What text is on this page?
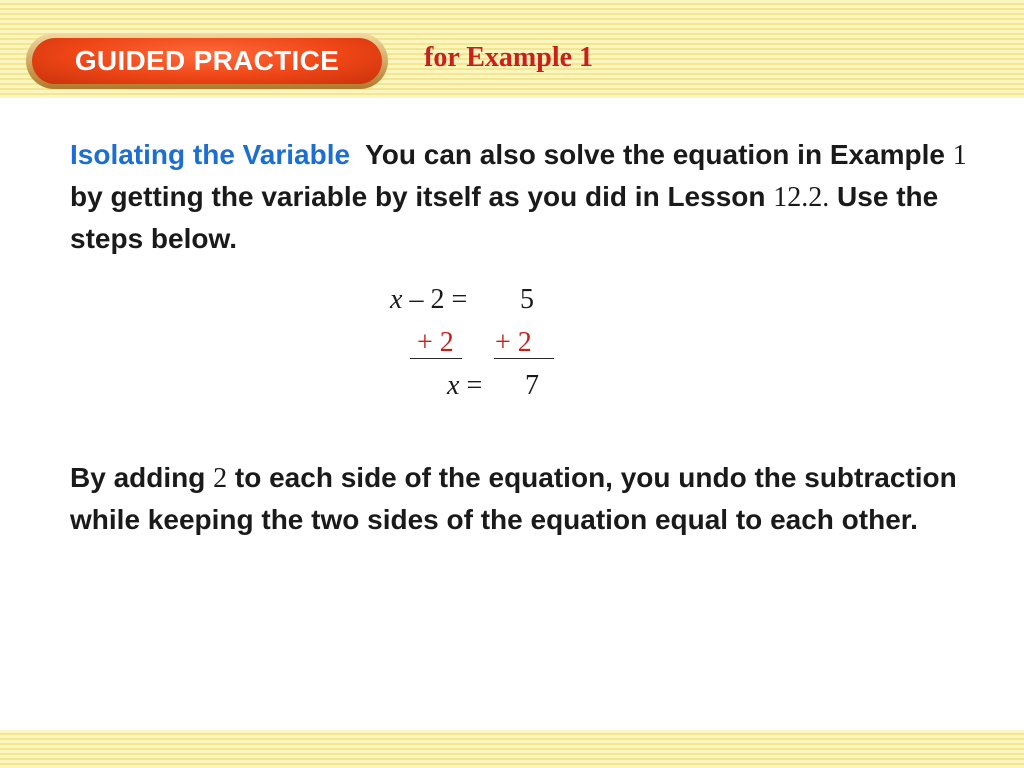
GUIDED PRACTICE	for Example 1
Isolating the Variable You can also solve the equation in Example 1 by getting the variable by itself as you did in Lesson 12.2. Use the steps below.
x – 2 = 5
+ 2 + 2
x = 7
By adding 2 to each side of the equation, you undo the subtraction while keeping the two sides of the equation equal to each other.
